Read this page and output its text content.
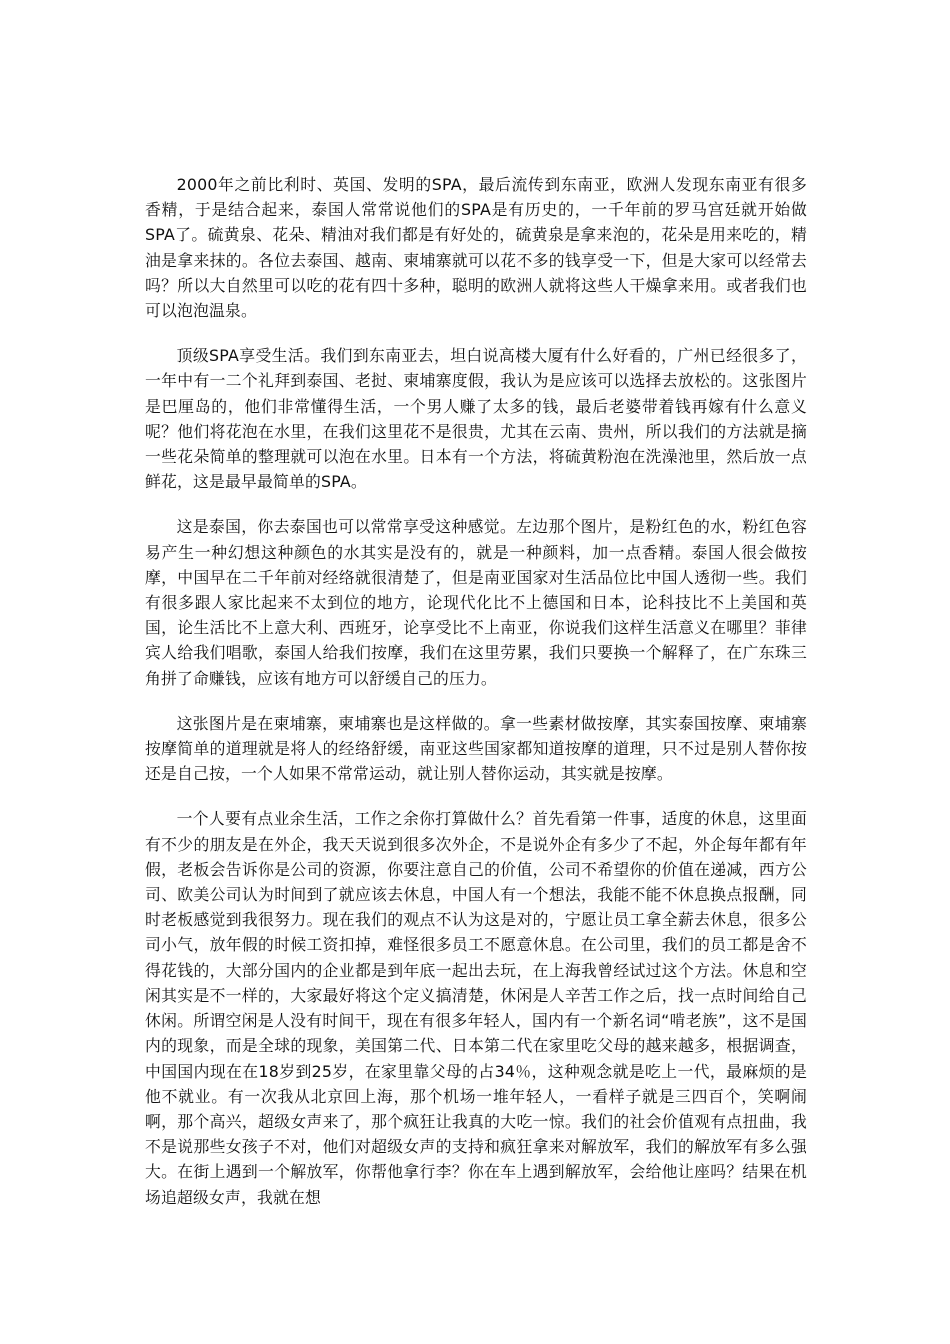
2000年之前比利时、英国、发明的SPA，最后流传到东南亚，欧洲人发现东南亚有很多香精，于是结合起来，泰国人常常说他们的SPA是有历史的，一千年前的罗马宫廷就开始做SPA了。硫黄泉、花朵、精油对我们都是有好处的，硫黄泉是拿来泡的，花朵是用来吃的，精油是拿来抹的。各位去泰国、越南、柬埔寨就可以花不多的钱享受一下，但是大家可以经常去吗？所以大自然里可以吃的花有四十多种，聪明的欧洲人就将这些人干燥拿来用。或者我们也可以泡泡温泉。

顶级SPA享受生活。我们到东南亚去，坦白说高楼大厦有什么好看的，广州已经很多了，一年中有一二个礼拜到泰国、老挝、柬埔寨度假，我认为是应该可以选择去放松的。这张图片是巴厘岛的，他们非常懂得生活，一个男人赚了太多的钱，最后老婆带着钱再嫁有什么意义呢？他们将花泡在水里，在我们这里花不是很贵，尤其在云南、贵州，所以我们的方法就是摘一些花朵简单的整理就可以泡在水里。日本有一个方法，将硫黄粉泡在洗澡池里，然后放一点鲜花，这是最早最简单的SPA。

这是泰国，你去泰国也可以常常享受这种感觉。左边那个图片，是粉红色的水，粉红色容易产生一种幻想这种颜色的水其实是没有的，就是一种颜料，加一点香精。泰国人很会做按摩，中国早在二千年前对经络就很清楚了，但是南亚国家对生活品位比中国人透彻一些。我们有很多跟人家比起来不太到位的地方，论现代化比不上德国和日本，论科技比不上美国和英国，论生活比不上意大利、西班牙，论享受比不上南亚，你说我们这样生活意义在哪里？菲律宾人给我们唱歌，泰国人给我们按摩，我们在这里劳累，我们只要换一个解释了，在广东珠三角拼了命赚钱，应该有地方可以舒缓自己的压力。

这张图片是在柬埔寨，柬埔寨也是这样做的。拿一些素材做按摩，其实泰国按摩、柬埔寨按摩简单的道理就是将人的经络舒缓，南亚这些国家都知道按摩的道理，只不过是别人替你按还是自己按，一个人如果不常常运动，就让别人替你运动，其实就是按摩。

一个人要有点业余生活，工作之余你打算做什么？首先看第一件事，适度的休息，这里面有不少的朋友是在外企，我天天说到很多次外企，不是说外企有多少了不起，外企每年都有年假，老板会告诉你是公司的资源，你要注意自己的价值，公司不希望你的价值在递减，西方公司、欧美公司认为时间到了就应该去休息，中国人有一个想法，我能不能不休息换点报酬，同时老板感觉到我很努力。现在我们的观点不认为这是对的，宁愿让员工拿全薪去休息，很多公司小气，放年假的时候工资扣掉，难怪很多员工不愿意休息。在公司里，我们的员工都是舍不得花钱的，大部分国内的企业都是到年底一起出去玩，在上海我曾经试过这个方法。休息和空闲其实是不一样的，大家最好将这个定义搞清楚，休闲是人辛苦工作之后，找一点时间给自己休闲。所谓空闲是人没有时间干，现在有很多年轻人，国内有一个新名词“啃老族”，这不是国内的现象，而是全球的现象，美国第二代、日本第二代在家里吃父母的越来越多，根据调查，中国国内现在在18岁到25岁，在家里靠父母的占34％，这种观念就是吃上一代，最麻烦的是他不就业。有一次我从北京回上海，那个机场一堆年轻人，一看样子就是三四百个，笑啊闹啊，那个高兴，超级女声来了，那个疯狂让我真的大吃一惊。我们的社会价值观有点扭曲，我不是说那些女孩子不对，他们对超级女声的支持和疯狂拿来对解放军，我们的解放军有多么强大。在街上遇到一个解放军，你帮他拿行李？你在车上遇到解放军，会给他让座吗？结果在机场追超级女声，我就在想
